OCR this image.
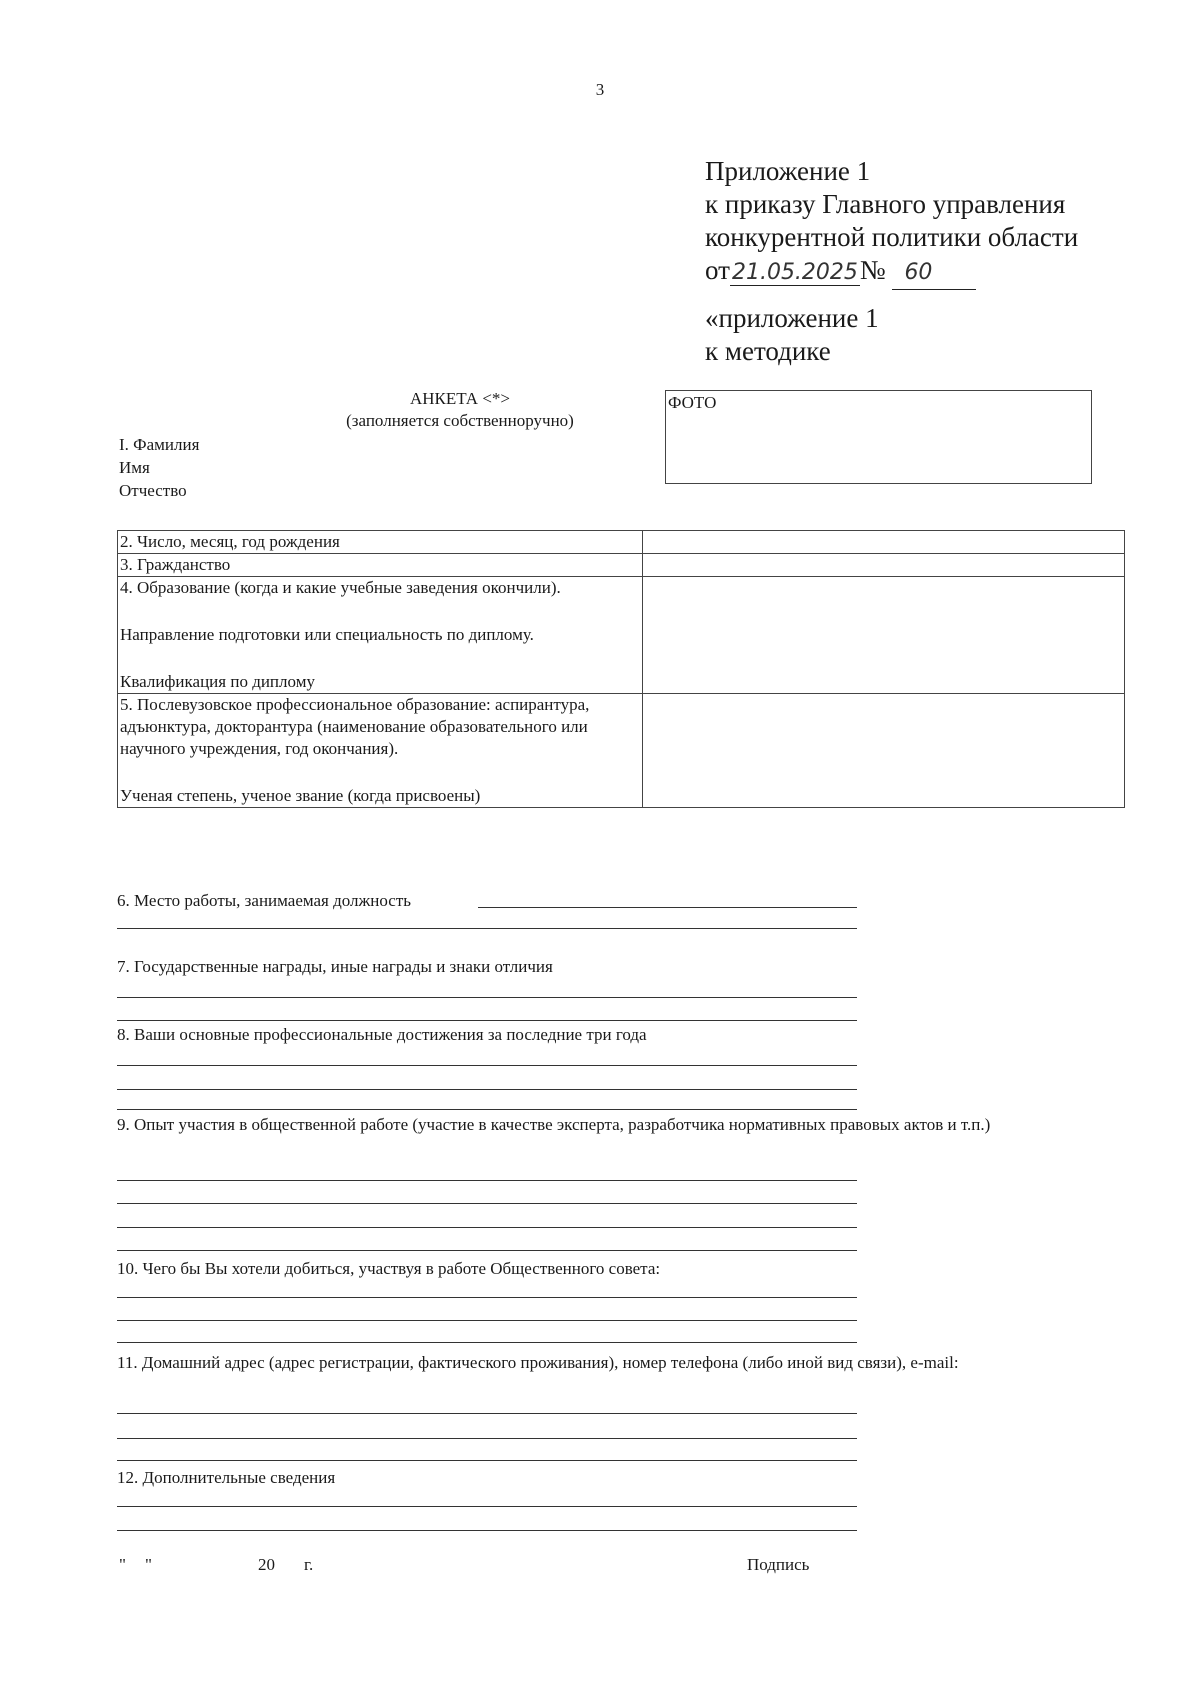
3
Приложение 1
к приказу Главного управления
конкурентной политики области
от21.05.2025№ 60
«приложение 1
к методике
АНКЕТА <*>
(заполняется собственноручно)
ФОТО
I. Фамилия
Имя
Отчество
2. Число, месяц, год рождения	
3. Гражданство	

4. Образование (когда и какие учебные заведения окончили).

Направление подготовки или специальность по диплому.

Квалификация по диплому	

5. Послевузовское профессиональное образование: аспирантура, адъюнктура, докторантура (наименование образовательного или научного учреждения, год окончания).

Ученая степень, ученое звание (когда присвоены)	

6. Место работы, занимаемая должность
7. Государственные награды, иные награды и знаки отличия
8. Ваши основные профессиональные достижения за последние три года
9. Опыт участия в общественной работе (участие в качестве эксперта, разработчика нормативных правовых актов и т.п.)
10. Чего бы Вы хотели добиться, участвуя в работе Общественного совета:
11. Домашний адрес (адрес регистрации, фактического проживания), номер телефона (либо иной вид связи), e-mail:
12. Дополнительные сведения
" "	20 г.	Подпись
